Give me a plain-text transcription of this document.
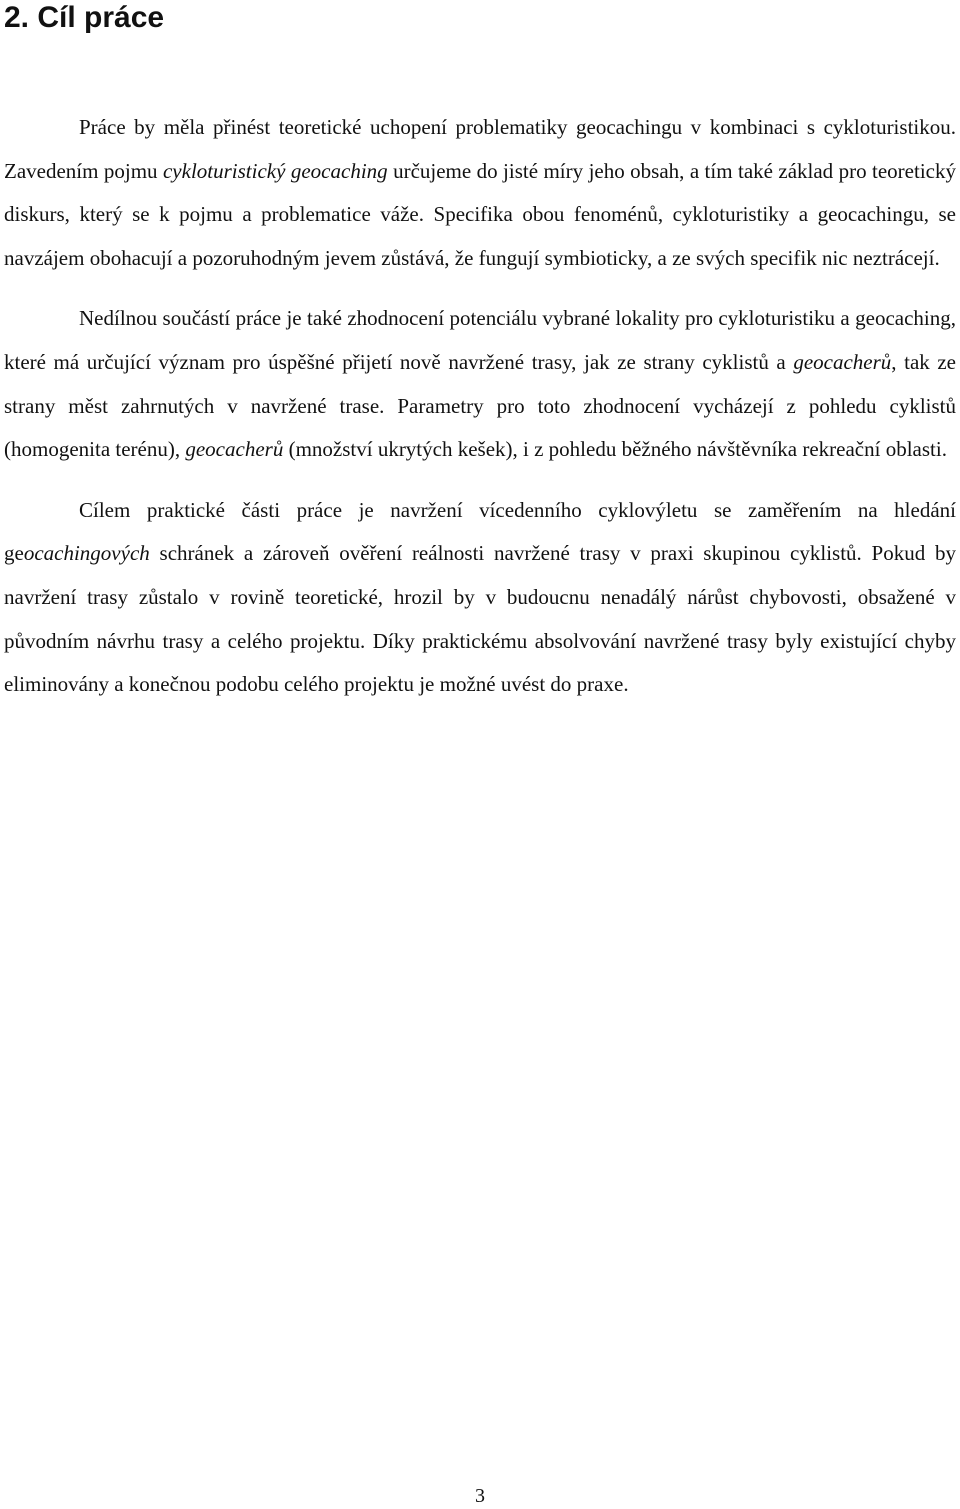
2. Cíl práce

Práce by měla přinést teoretické uchopení problematiky geocachingu v kombinaci s cykloturistikou. Zavedením pojmu cykloturistický geocaching určujeme do jisté míry jeho obsah, a tím také základ pro teoretický diskurs, který se k pojmu a problematice váže. Specifika obou fenoménů, cykloturistiky a geocachingu, se navzájem obohacují a pozoruhodným jevem zůstává, že fungují symbioticky, a ze svých specifik nic neztrácejí.

Nedílnou součástí práce je také zhodnocení potenciálu vybrané lokality pro cykloturistiku a geocaching, které má určující význam pro úspěšné přijetí nově navržené trasy, jak ze strany cyklistů a geocacherů, tak ze strany měst zahrnutých v navržené trase. Parametry pro toto zhodnocení vycházejí z pohledu cyklistů (homogenita terénu), geocacherů (množství ukrytých kešek), i z pohledu běžného návštěvníka rekreační oblasti.

Cílem praktické části práce je navržení vícedenního cyklovýletu se zaměřením na hledání geocachingových schránek a zároveň ověření reálnosti navržené trasy v praxi skupinou cyklistů. Pokud by navržení trasy zůstalo v rovině teoretické, hrozil by v budoucnu nenadálý nárůst chybovosti, obsažené v původním návrhu trasy a celého projektu. Díky praktickému absolvování navržené trasy byly existující chyby eliminovány a konečnou podobu celého projektu je možné uvést do praxe.

3
